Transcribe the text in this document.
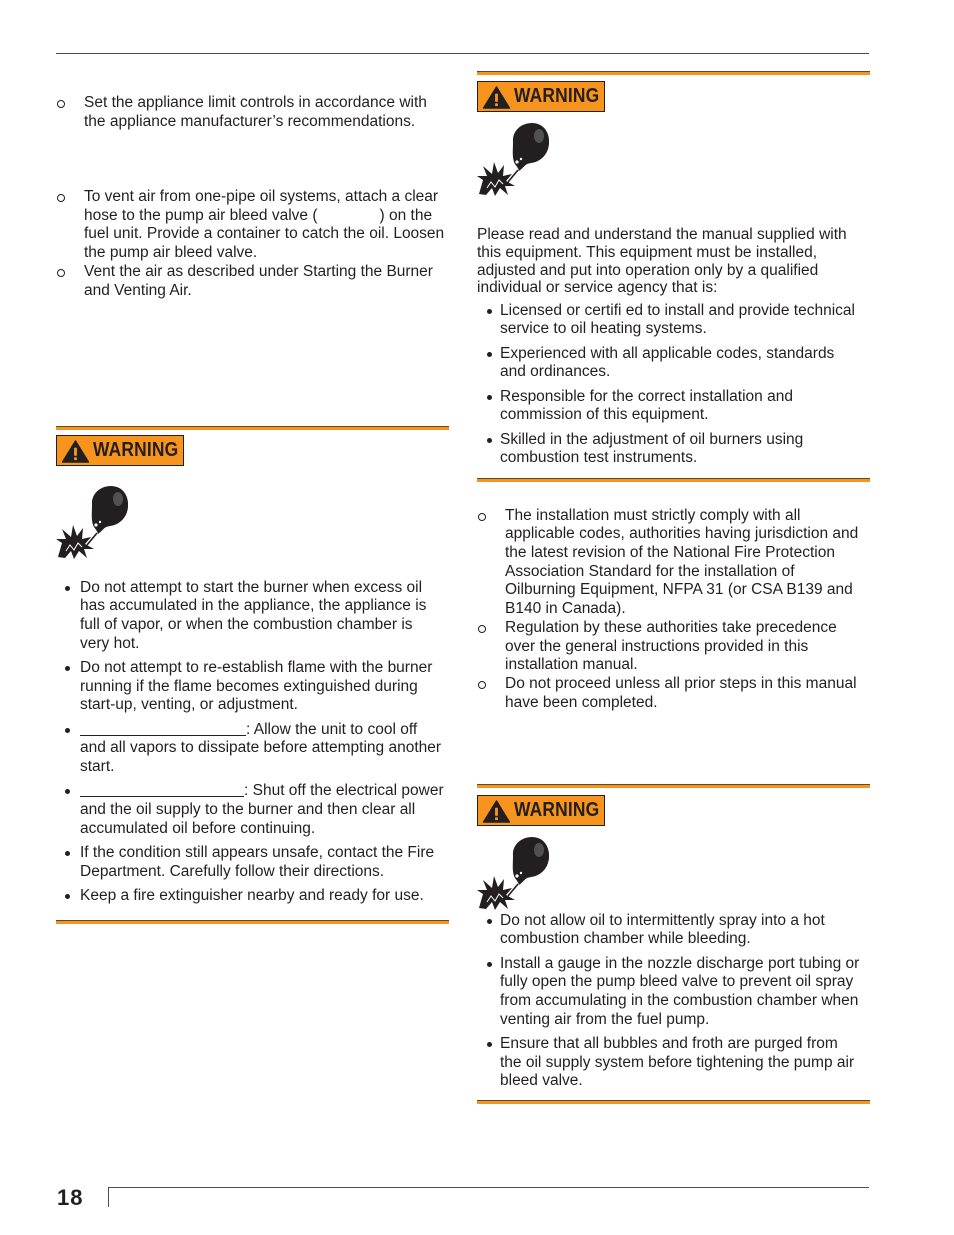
Set the appliance limit controls in accordance with
the appliance manufacturer’s recommendations.
To vent air from one-pipe oil systems, attach a clear
hose to the pump air bleed valve (	) on the
fuel unit. Provide a container to catch the oil. Loosen
the pump air bleed valve.
Vent the air as described under Starting the Burner
and Venting Air.
WARNING
Do not attempt to start the burner when excess oil
has accumulated in the appliance, the appliance is
full of vapor, or when the combustion chamber is
very hot.
Do not attempt to re-establish flame with the burner
running if the flame becomes extinguished during
start-up, venting, or adjustment.
: Allow the unit to cool off
and all vapors to dissipate before attempting another
start.
: Shut off the electrical power
and the oil supply to the burner and then clear all
accumulated oil before continuing.
If the condition still appears unsafe, contact the Fire
Department. Carefully follow their directions.
Keep a fire extinguisher nearby and ready for use.
WARNING
Please read and understand the manual supplied with
this equipment. This equipment must be installed,
adjusted and put into operation only by a qualified
individual or service agency that is:
Licensed or certifi ed to install and provide technical
service to oil heating systems.
Experienced with all applicable codes, standards
and ordinances.
Responsible for the correct installation and
commission of this equipment.
Skilled in the adjustment of oil burners using
combustion test instruments.
The installation must strictly comply with all
applicable codes, authorities having jurisdiction and
the latest revision of the National Fire Protection
Association Standard for the installation of
Oilburning Equipment, NFPA 31 (or CSA B139 and
B140 in Canada).
Regulation by these authorities take precedence
over the general instructions provided in this
installation manual.
Do not proceed unless all prior steps in this manual
have been completed.
WARNING
Do not allow oil to intermittently spray into a hot
combustion chamber while bleeding.
Install a gauge in the nozzle discharge port tubing or
fully open the pump bleed valve to prevent oil spray
from accumulating in the combustion chamber when
venting air from the fuel pump.
Ensure that all bubbles and froth are purged from
the oil supply system before tightening the pump air
bleed valve.
18
